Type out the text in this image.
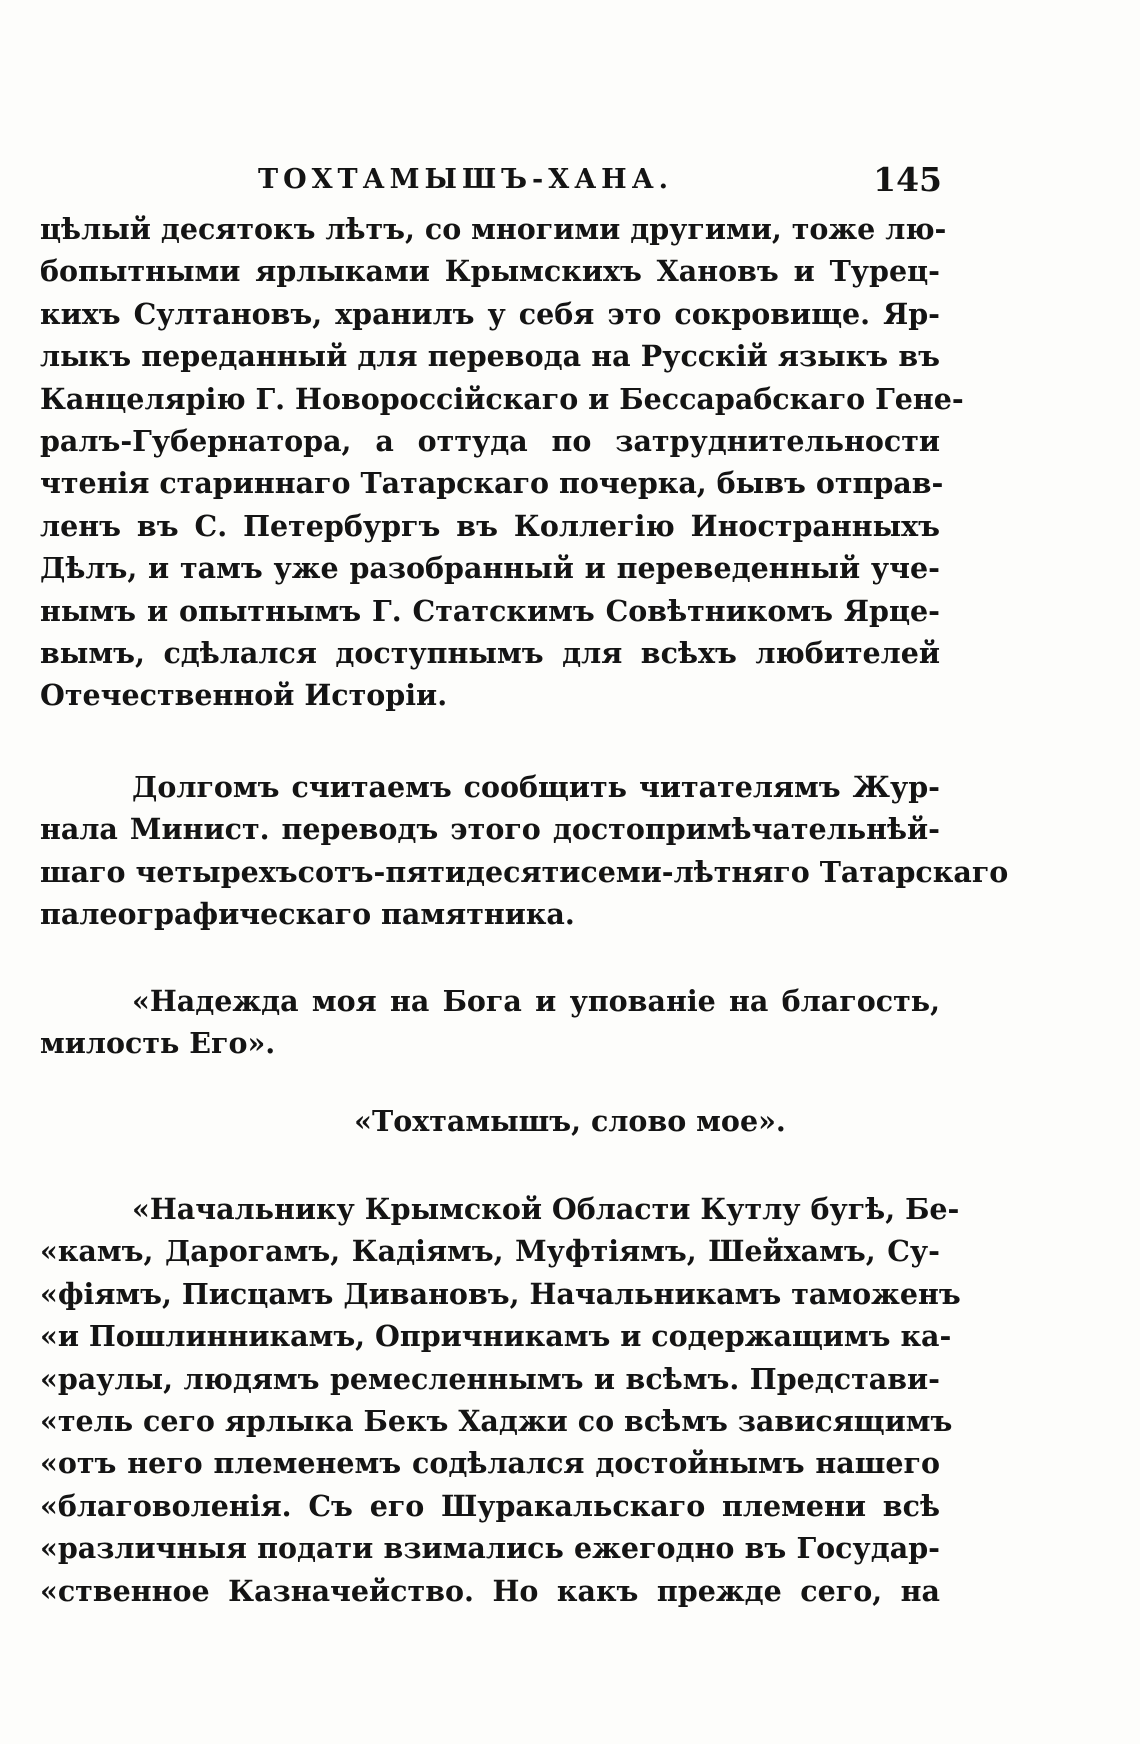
ТОХТАМЫШЪ-ХАНА.	145
цѣлый десятокъ лѣтъ, со многими другими, тоже лю-
бопытными ярлыками Крымскихъ Хановъ и Турец-
кихъ Султановъ, хранилъ у себя это сокровище. Яр-
лыкъ переданный для перевода на Русскій языкъ въ
Канцелярію Г. Новороссійскаго и Бессарабскаго Гене-
ралъ-Губернатора, а оттуда по затруднительности
чтенія стариннаго Татарскаго почерка, бывъ отправ-
ленъ въ С. Петербургъ въ Коллегію Иностранныхъ
Дѣлъ, и тамъ уже разобранный и переведенный уче-
нымъ и опытнымъ Г. Статскимъ Совѣтникомъ Ярце-
вымъ, сдѣлался доступнымъ для всѣхъ любителей
Отечественной Исторіи.
Долгомъ считаемъ сообщить читателямъ Жур-
нала Минист. переводъ этого достопримѣчательнѣй-
шаго четырехъсотъ-пятидесятисеми-лѣтняго Татарскаго
палеографическаго памятника.
«Надежда моя на Бога и упованіе на благость,
милость Его».

«Тохтамышъ, слово мое».

«Начальнику Крымской Области Кутлу бугѣ, Бе-
«камъ, Дарогамъ, Кадіямъ, Муфтіямъ, Шейхамъ, Су-
«фіямъ, Писцамъ Дивановъ, Начальникамъ таможенъ
«и Пошлинникамъ, Опричникамъ и содержащимъ ка-
«раулы, людямъ ремесленнымъ и всѣмъ. Представи-
«тель сего ярлыка Бекъ Хаджи со всѣмъ зависящимъ
«отъ него племенемъ содѣлался достойнымъ нашего
«благоволенія. Съ его Шуракальскаго племени всѣ
«различныя подати взимались ежегодно въ Государ-
«ственное Казначейство. Но какъ прежде сего, на
